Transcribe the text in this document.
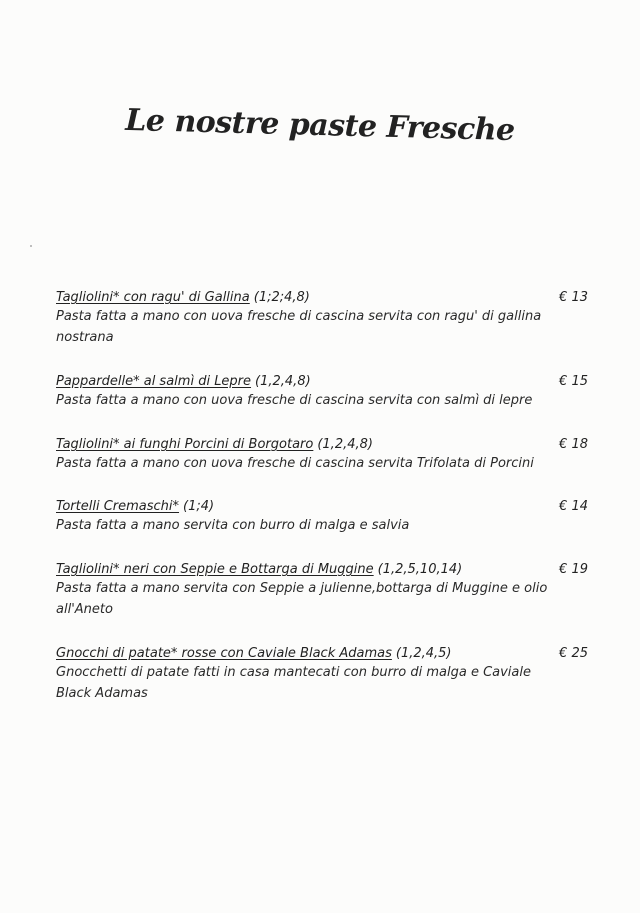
Le nostre paste Fresche
Tagliolini* con ragu' di Gallina (1;2;4,8)	€ 13
Pasta fatta a mano con uova fresche di cascina servita con ragu' di gallina nostrana
Pappardelle* al salmì di Lepre (1,2,4,8)	€ 15
Pasta fatta a mano con uova fresche di cascina servita con salmì di lepre
Tagliolini* ai funghi Porcini di Borgotaro (1,2,4,8)	€ 18
Pasta fatta a mano con uova fresche di cascina servita Trifolata di Porcini
Tortelli Cremaschi* (1;4)	€ 14
Pasta fatta a mano servita con burro di malga e salvia
Tagliolini* neri con Seppie e Bottarga di Muggine (1,2,5,10,14)	€ 19
Pasta fatta a mano servita con Seppie a julienne,bottarga di Muggine e olio all'Aneto
Gnocchi di patate* rosse con Caviale Black Adamas (1,2,4,5)	€ 25
Gnocchetti di patate fatti in casa mantecati con burro di malga e Caviale Black Adamas
